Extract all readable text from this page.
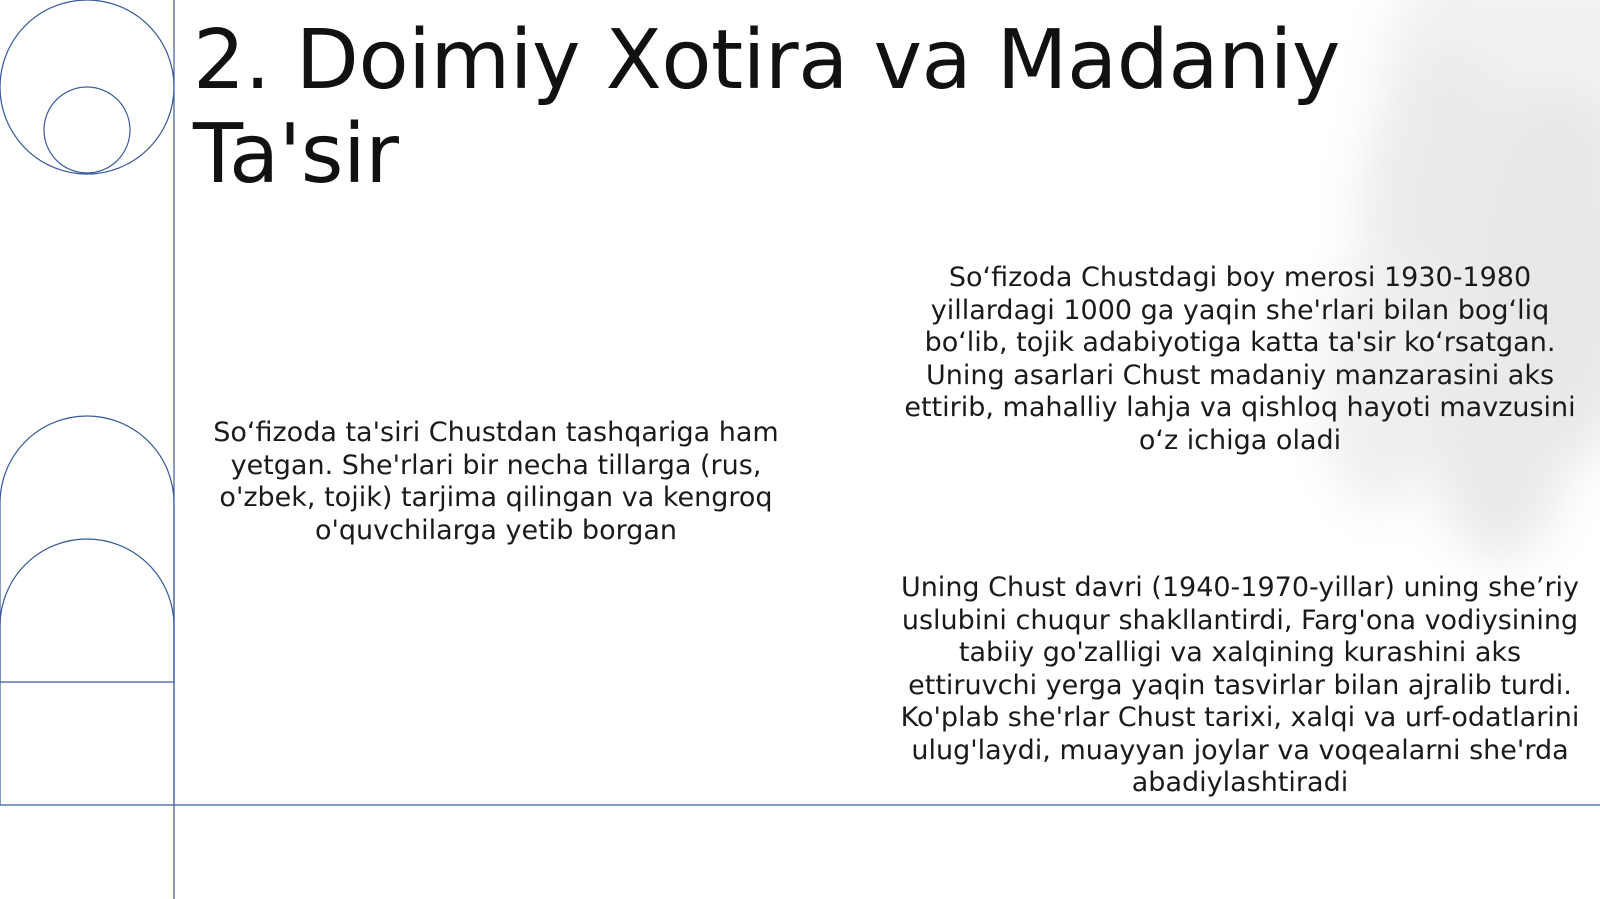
2. Doimiy Xotira va Madaniy Ta'sir

So‘fizoda ta'siri Chustdan tashqariga ham yetgan. She'rlari bir necha tillarga (rus, o'zbek, tojik) tarjima qilingan va kengroq o'quvchilarga yetib borgan

So‘fizoda Chustdagi boy merosi 1930-1980 yillardagi 1000 ga yaqin she'rlari bilan bog‘liq bo‘lib, tojik adabiyotiga katta ta'sir ko‘rsatgan. Uning asarlari Chust madaniy manzarasini aks ettirib, mahalliy lahja va qishloq hayoti mavzusini o‘z ichiga oladi

Uning Chust davri (1940-1970-yillar) uning she’riy uslubini chuqur shakllantirdi, Farg'ona vodiysining tabiiy go'zalligi va xalqining kurashini aks ettiruvchi yerga yaqin tasvirlar bilan ajralib turdi. Ko'plab she'rlar Chust tarixi, xalqi va urf-odatlarini ulug'laydi, muayyan joylar va voqealarni she'rda abadiylashtiradi
